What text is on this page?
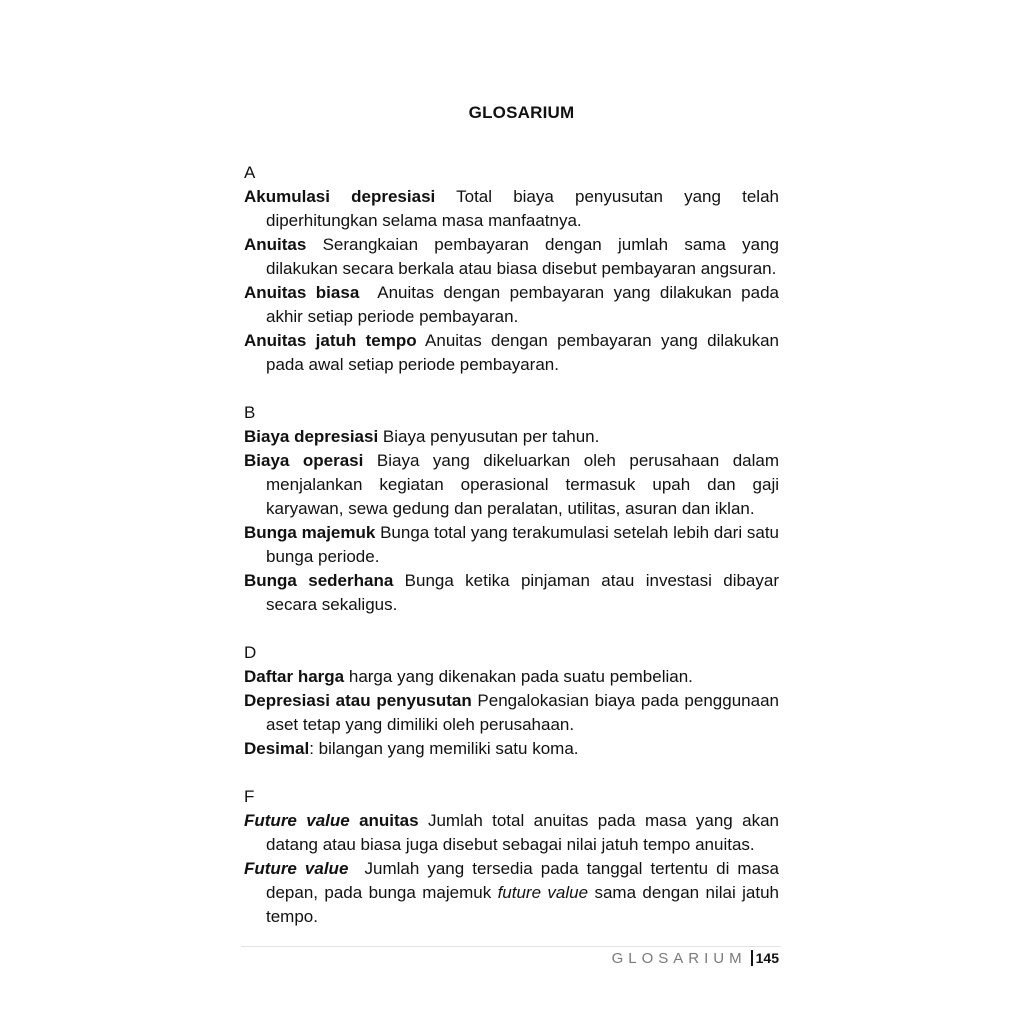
GLOSARIUM
A

Akumulasi depresiasi Total biaya penyusutan yang telah diperhitungkan selama masa manfaatnya.

Anuitas Serangkaian pembayaran dengan jumlah sama yang dilakukan secara berkala atau biasa disebut pembayaran angsuran.

Anuitas biasa  Anuitas dengan pembayaran yang dilakukan pada akhir setiap periode pembayaran.

Anuitas jatuh tempo Anuitas dengan pembayaran yang dilakukan pada awal setiap periode pembayaran.

B

Biaya depresiasi Biaya penyusutan per tahun.

Biaya operasi Biaya yang dikeluarkan oleh perusahaan dalam menjalankan kegiatan operasional termasuk upah dan gaji karyawan, sewa gedung dan peralatan, utilitas, asuran dan iklan.

Bunga majemuk Bunga total yang terakumulasi setelah lebih dari satu bunga periode.

Bunga sederhana Bunga ketika pinjaman atau investasi dibayar secara sekaligus.

D

Daftar harga harga yang dikenakan pada suatu pembelian.

Depresiasi atau penyusutan Pengalokasian biaya pada penggunaan aset tetap yang dimiliki oleh perusahaan.

Desimal: bilangan yang memiliki satu koma.

F

Future value anuitas Jumlah total anuitas pada masa yang akan datang atau biasa juga disebut sebagai nilai jatuh tempo anuitas.

Future value  Jumlah yang tersedia pada tanggal tertentu di masa depan, pada bunga majemuk future value sama dengan nilai jatuh tempo.

GLOSARIUM 145
